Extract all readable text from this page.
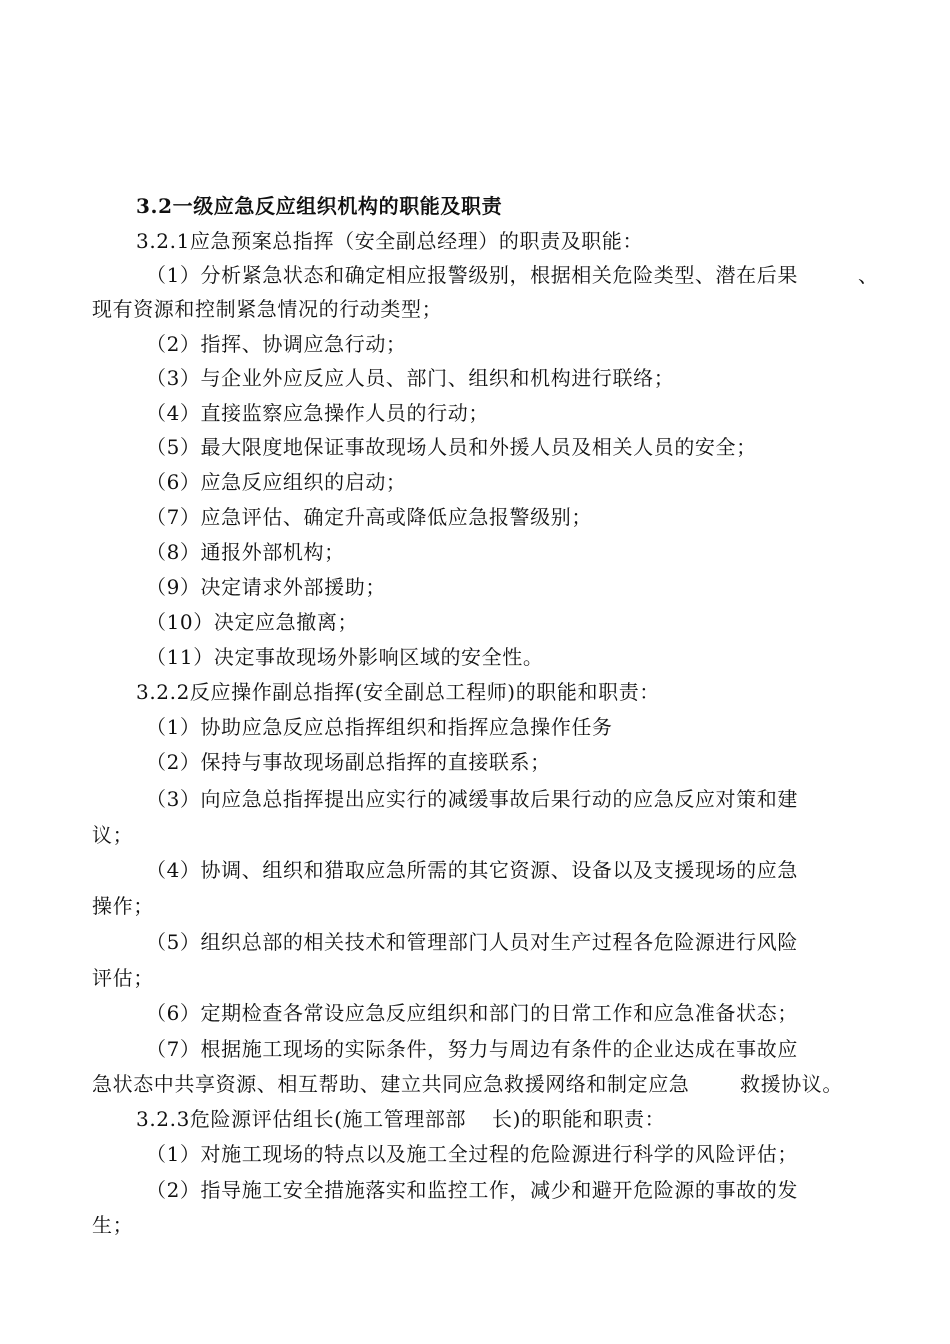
3.2一级应急反应组织机构的职能及职责
3.2.1应急预案总指挥（安全副总经理）的职责及职能：
（1）分析紧急状态和确定相应报警级别，根据相关危险类型、潜在后果	、
现有资源和控制紧急情况的行动类型；
（2）指挥、协调应急行动；
（3）与企业外应反应人员、部门、组织和机构进行联络；
（4）直接监察应急操作人员的行动；
（5）最大限度地保证事故现场人员和外援人员及相关人员的安全；
（6）应急反应组织的启动；
（7）应急评估、确定升高或降低应急报警级别；
（8）通报外部机构；
（9）决定请求外部援助；
（10）决定应急撤离；
（11）决定事故现场外影响区域的安全性。
3.2.2反应操作副总指挥(安全副总工程师)的职能和职责：
（1）协助应急反应总指挥组织和指挥应急操作任务
（2）保持与事故现场副总指挥的直接联系；
（3）向应急总指挥提出应实行的减缓事故后果行动的应急反应对策和建
议；
（4）协调、组织和猎取应急所需的其它资源、设备以及支援现场的应急
操作；
（5）组织总部的相关技术和管理部门人员对生产过程各危险源进行风险
评估；
（6）定期检查各常设应急反应组织和部门的日常工作和应急准备状态；
（7）根据施工现场的实际条件，努力与周边有条件的企业达成在事故应
急状态中共享资源、相互帮助、建立共同应急救援网络和制定应急	救援协议。
3.2.3危险源评估组长(施工管理部部 长)的职能和职责：
（1）对施工现场的特点以及施工全过程的危险源进行科学的风险评估；
（2）指导施工安全措施落实和监控工作，减少和避开危险源的事故的发
生；
